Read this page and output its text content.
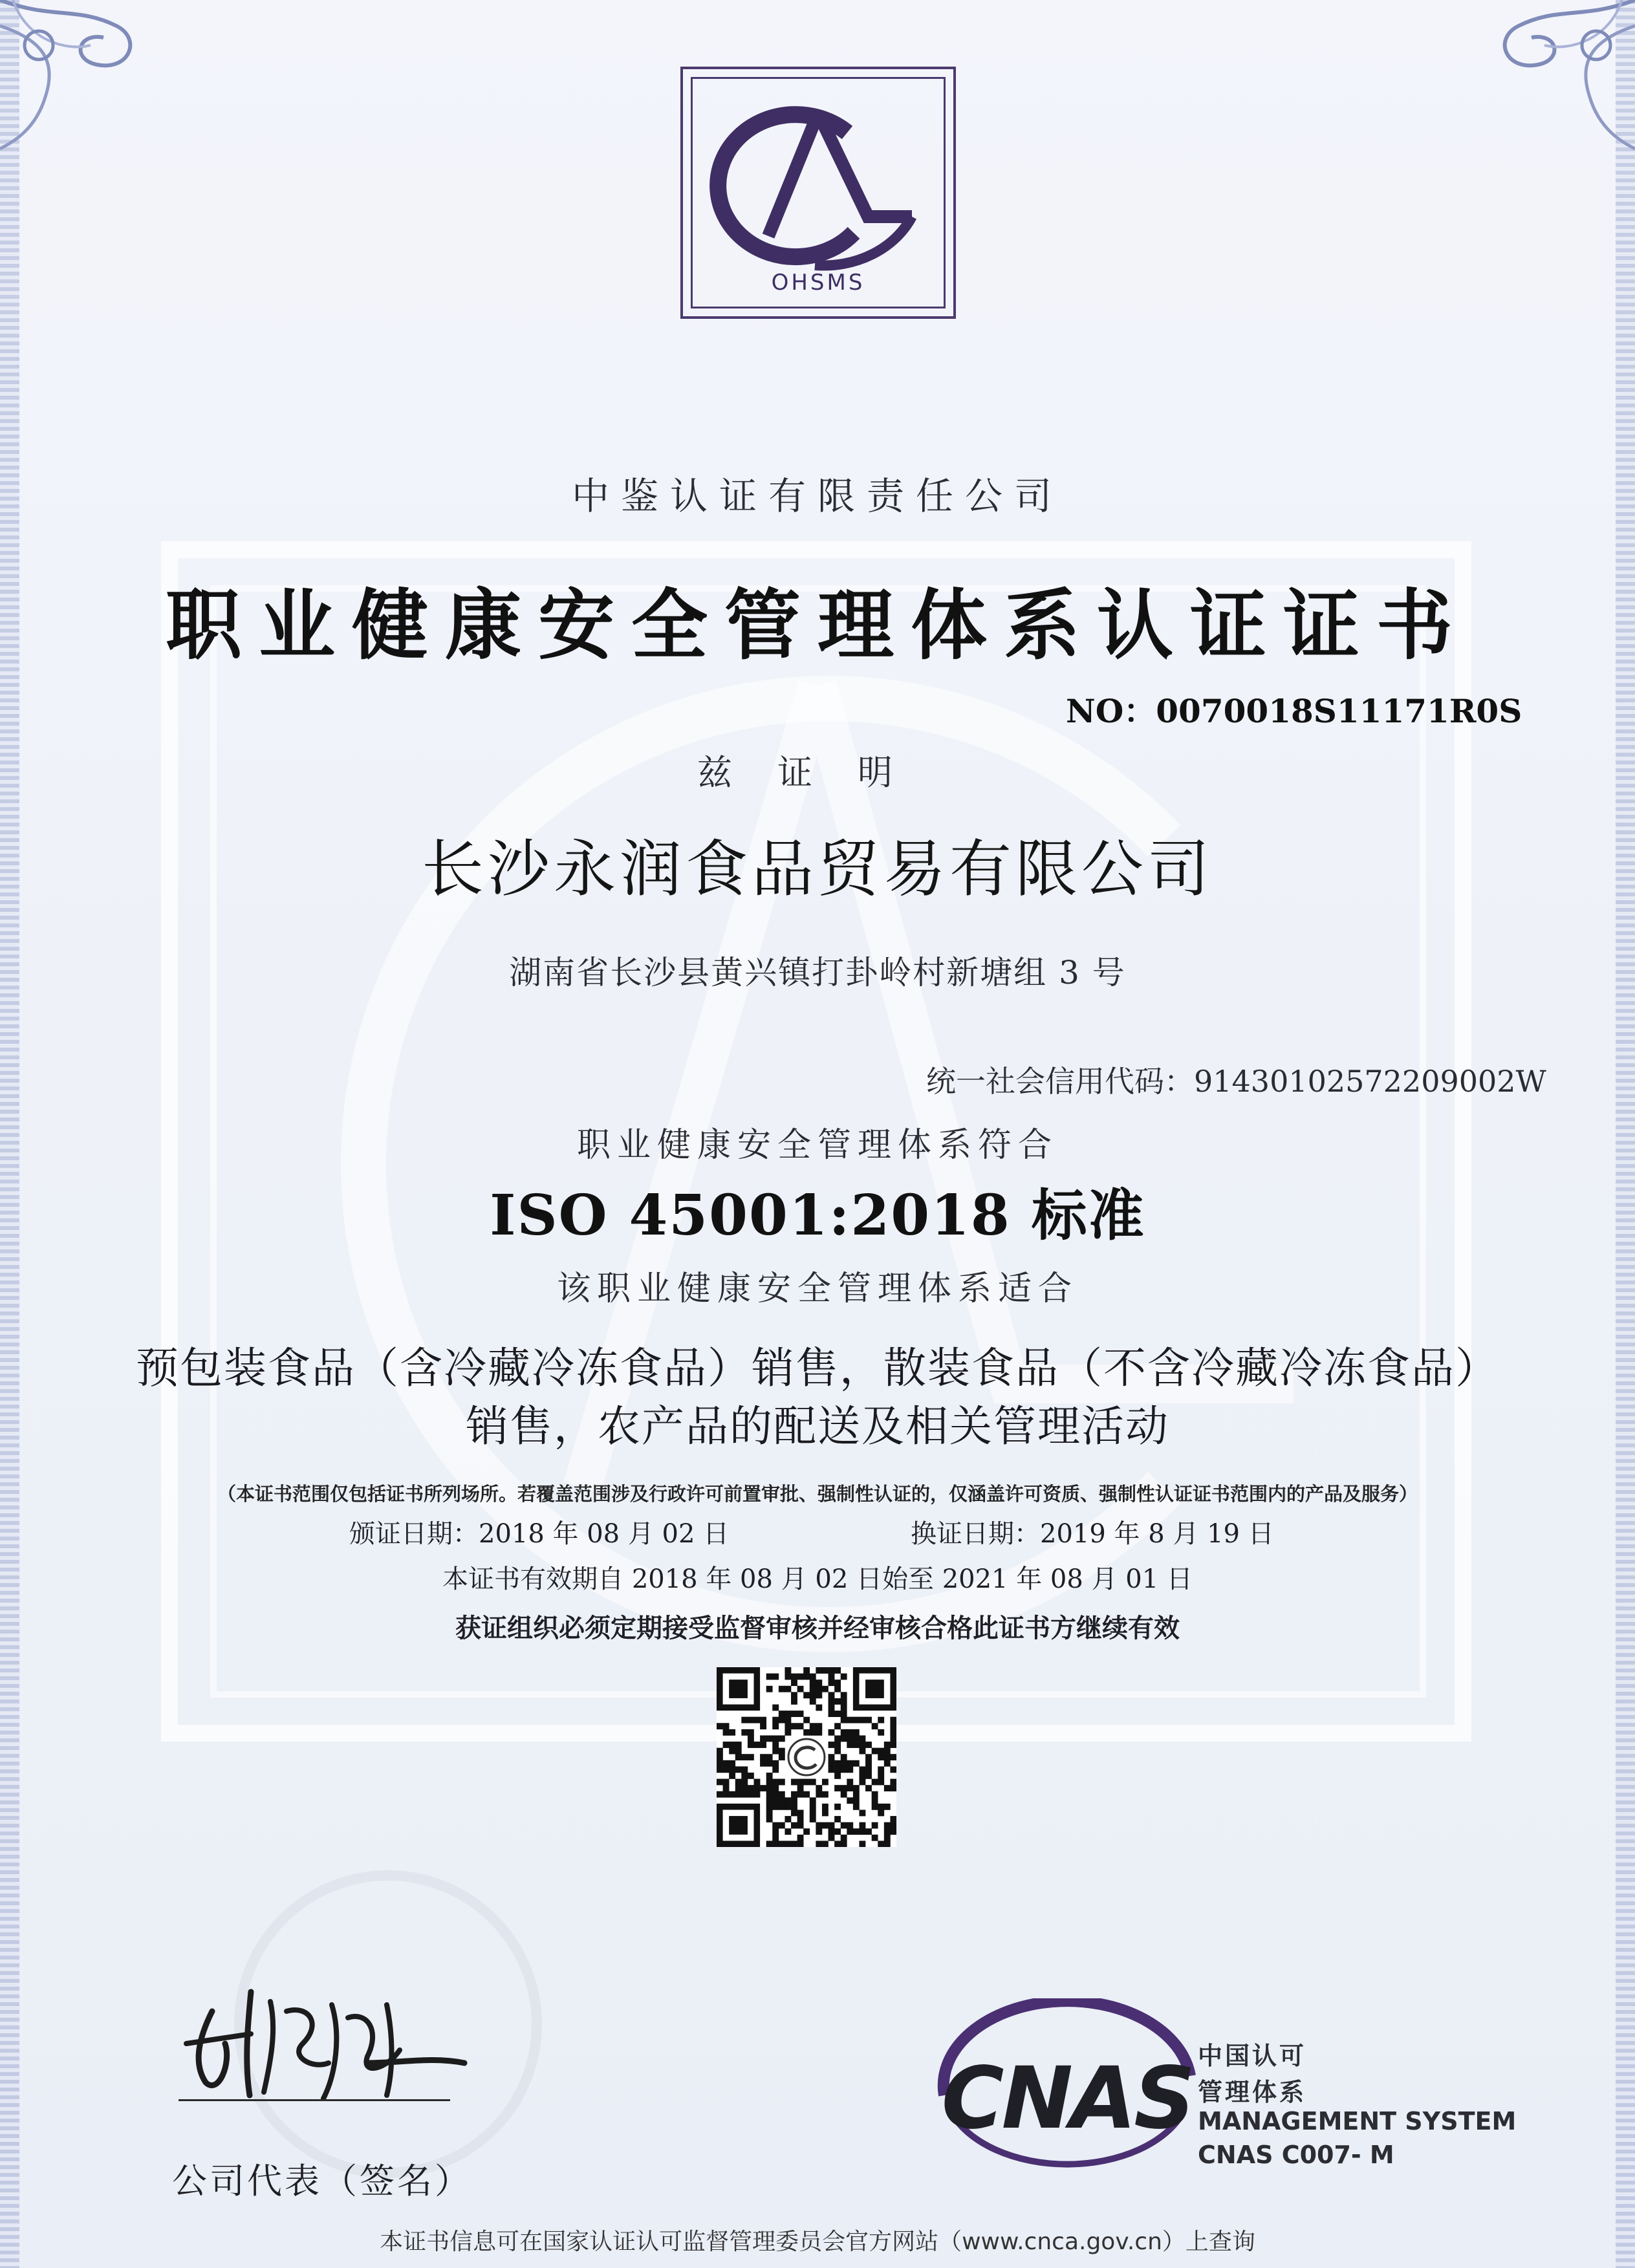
OHSMS
中鉴认证有限责任公司
职业健康安全管理体系认证证书
NO：0070018S11171R0S
兹证明
长沙永润食品贸易有限公司
湖南省长沙县黄兴镇打卦岭村新塘组 3 号
统一社会信用代码：91430102572209002W
职业健康安全管理体系符合
ISO 45001:2018 标准
该职业健康安全管理体系适合
预包装食品（含冷藏冷冻食品）销售，散装食品（不含冷藏冷冻食品）
销售，农产品的配送及相关管理活动
（本证书范围仅包括证书所列场所。若覆盖范围涉及行政许可前置审批、强制性认证的，仅涵盖许可资质、强制性认证证书范围内的产品及服务）
颁证日期：2018 年 08 月 02 日	换证日期：2019 年 8 月 19 日
本证书有效期自 2018 年 08 月 02 日始至 2021 年 08 月 01 日
获证组织必须定期接受监督审核并经审核合格此证书方继续有效
公司代表（签名）
CNAS 中国认可
管理体系
MANAGEMENT SYSTEM
CNAS C007- M
本证书信息可在国家认证认可监督管理委员会官方网站（www.cnca.gov.cn）上查询
